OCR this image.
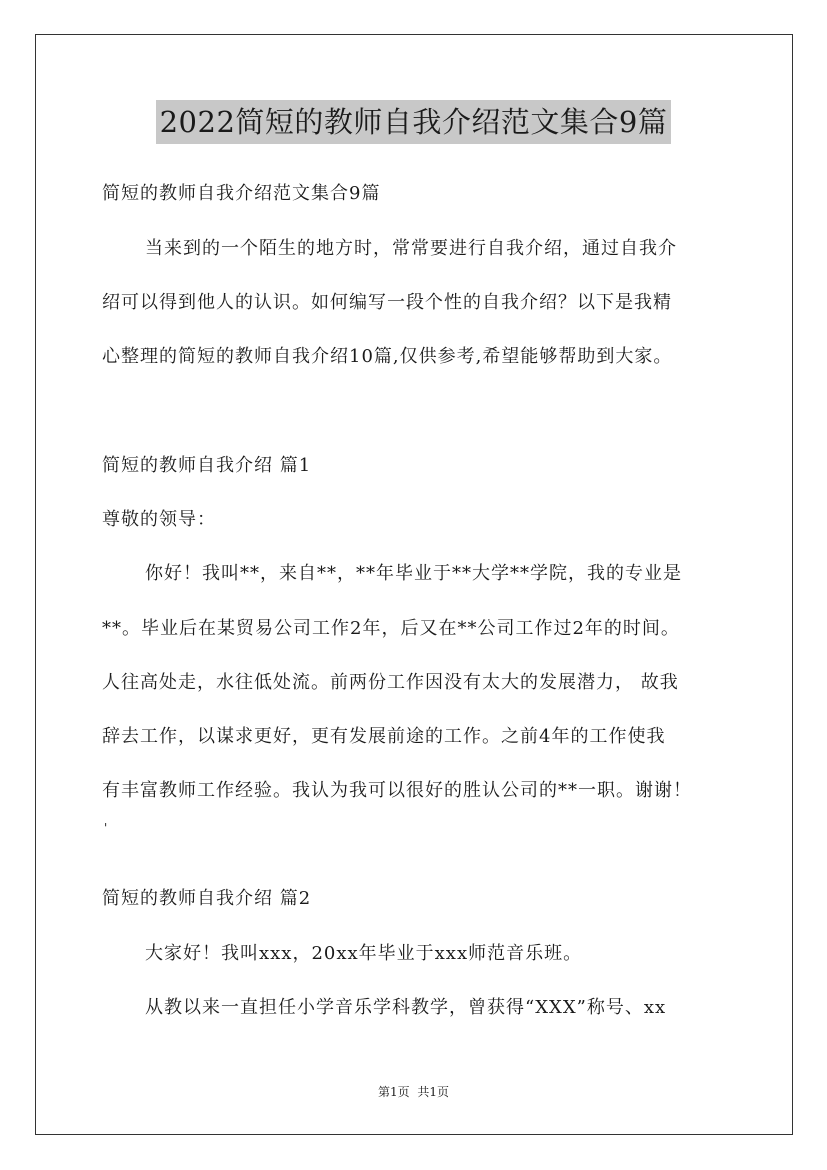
2022简短的教师自我介绍范文集合9篇
简短的教师自我介绍范文集合9篇
当来到的一个陌生的地方时，常常要进行自我介绍，通过自我介
绍可以得到他人的认识。如何编写一段个性的自我介绍？以下是我精
心整理的简短的教师自我介绍10篇,仅供参考,希望能够帮助到大家。
简短的教师自我介绍 篇1
尊敬的领导：
你好！我叫**，来自**，**年毕业于**大学**学院，我的专业是
**。毕业后在某贸易公司工作2年，后又在**公司工作过2年的时间。
人往高处走，水往低处流。前两份工作因没有太大的发展潜力， 故我
辞去工作，以谋求更好，更有发展前途的工作。之前4年的工作使我
有丰富教师工作经验。我认为我可以很好的胜认公司的**一职。谢谢！
'
简短的教师自我介绍 篇2
大家好！我叫xxx，20xx年毕业于xxx师范音乐班。
从教以来一直担任小学音乐学科教学，曾获得“XXX”称号、xx
第1页 共1页
